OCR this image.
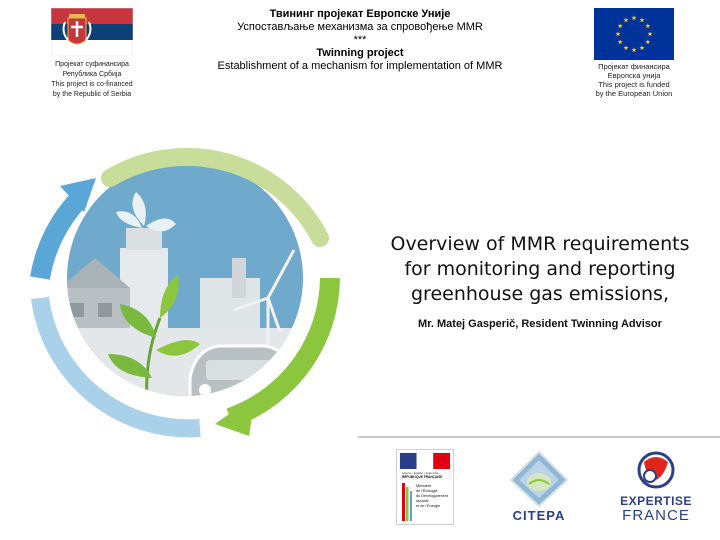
Пројекат суфинансира
Република Србија
This project is co-financed
by the Republic of Serbia
Твининг пројекат Европске Уније
Успостављање механизма за спровођење MMR
***
Twinning project
Establishment of a mechanism for implementation of MMR	Пројекат финансира
Европска унија
This project is funded
by the European Union
Overview of MMR requirements
for monitoring and reporting
greenhouse gas emissions,
Mr. Matej Gasperič, Resident Twinning Advisor
Liberté • Égalité • Fraternité
RÉPUBLIQUE FRANÇAISE
Ministère
de l'Écologie,
du Développement
durable
et de l'Énergie
CITEPA
EXPERTISE
FRANCE
